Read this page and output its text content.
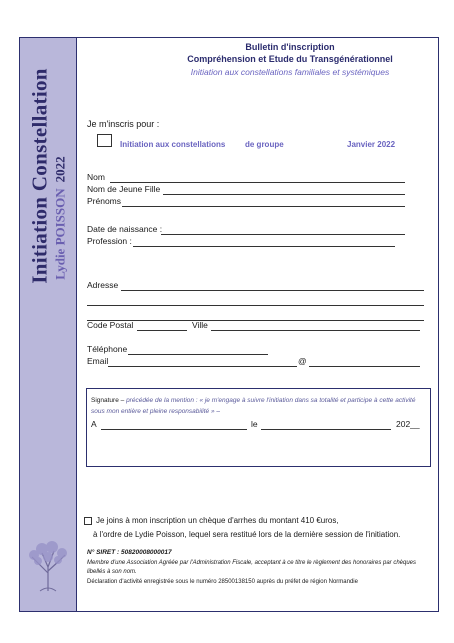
Initiation Constellation Lydie POISSON2022
Bulletin d'inscription
Compréhension et Etude du Transgénérationnel
Initiation aux constellations familiales et systémiques
Je m'inscris pour :
Initiation aux constellations de groupe	Janvier 2022
Nom
Nom de Jeune Fille
Prénoms
Date de naissance :
Profession :
Adresse
Code Postal	Ville
Téléphone
Email	@
Signature – précédée de la mention : « je m'engage à suivre l'initiation dans sa totalité et participe à cette activité
sous mon entière et pleine responsabilité » –
A	le	202__
Je joins à mon inscription un chèque d'arrhes du montant 410 €uros,
à l'ordre de Lydie Poisson, lequel sera restitué lors de la dernière session de l'initiation.
N° SIRET : 50820008000017
Membre d'une Association Agréée par l'Administration Fiscale, acceptant à ce titre le règlement des honoraires par chèques libellés à son nom.
Déclaration d'activité enregistrée sous le numéro 28500138150 auprès du préfet de région Normandie
